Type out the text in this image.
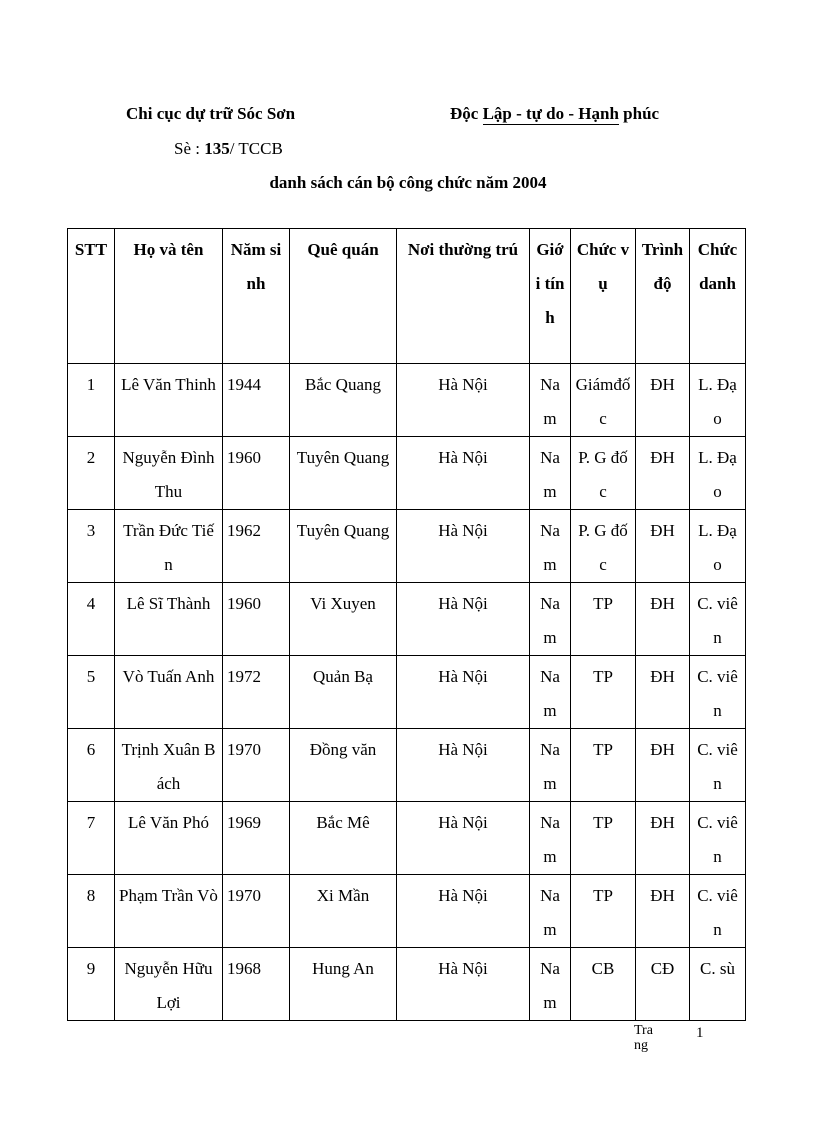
Chi cục dự trữ Sóc Sơn	Độc Lập - tự do - Hạnh phúc
Sè : 135/ TCCB
danh sách cán bộ công chức năm 2004
STT	Họ và tên	Năm sinh	Quê quán	Nơi thường trú	Giới tính	Chức vụ	Trình độ	Chức danh
1	Lê Văn Thinh	1944	Bắc Quang	Hà Nội	Nam	Giámđốc	ĐH	L. Đạo
2	Nguyễn ĐìnhThu	1960	Tuyên Quang	Hà Nội	Nam	P. G đốc	ĐH	L. Đạo
3	Trần Đức Tiến	1962	Tuyên Quang	Hà Nội	Nam	P. G đốc	ĐH	L. Đạo
4	Lê Sĩ Thành	1960	Vi Xuyen	Hà Nội	Nam	TP	ĐH	C. viên
5	Vò Tuấn Anh	1972	Quản Bạ	Hà Nội	Nam	TP	ĐH	C. viên
6	Trịnh Xuân Bách	1970	Đồng văn	Hà Nội	Nam	TP	ĐH	C. viên
7	Lê Văn Phó	1969	Bắc Mê	Hà Nội	Nam	TP	ĐH	C. viên
8	Phạm Trần Vò	1970	Xi Mần	Hà Nội	Nam	TP	ĐH	C. viên
9	Nguyễn Hữu Lợi	1968	Hung An	Hà Nội	Nam	CB	CĐ	C. sù
Trang
1
